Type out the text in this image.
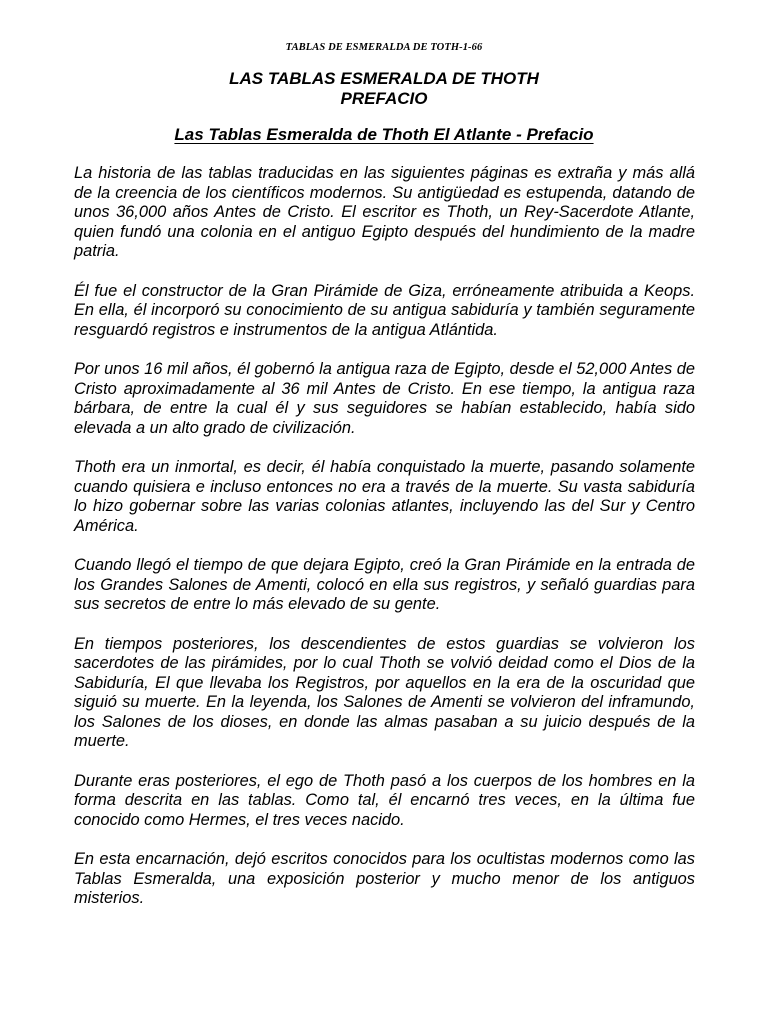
TABLAS DE ESMERALDA DE TOTH-1-66
LAS TABLAS ESMERALDA DE THOTH
PREFACIO
Las Tablas Esmeralda de Thoth El Atlante - Prefacio

La historia de las tablas traducidas en las siguientes páginas es extraña y más allá de la creencia de los científicos modernos. Su antigüedad es estupenda, datando de unos 36,000 años Antes de Cristo. El escritor es Thoth, un Rey-Sacerdote Atlante, quien fundó una colonia en el antiguo Egipto después del hundimiento de la madre patria.

Él fue el constructor de la Gran Pirámide de Giza, erróneamente atribuida a Keops. En ella, él incorporó su conocimiento de su antigua sabiduría y también seguramente resguardó registros e instrumentos de la antigua Atlántida.

Por unos 16 mil años, él gobernó la antigua raza de Egipto, desde el 52,000 Antes de Cristo aproximadamente al 36 mil Antes de Cristo. En ese tiempo, la antigua raza bárbara, de entre la cual él y sus seguidores se habían establecido, había sido elevada a un alto grado de civilización.

Thoth era un inmortal, es decir, él había conquistado la muerte, pasando solamente cuando quisiera e incluso entonces no era a través de la muerte. Su vasta sabiduría lo hizo gobernar sobre las varias colonias atlantes, incluyendo las del Sur y Centro América.

Cuando llegó el tiempo de que dejara Egipto, creó la Gran Pirámide en la entrada de los Grandes Salones de Amenti, colocó en ella sus registros, y señaló guardias para sus secretos de entre lo más elevado de su gente.

En tiempos posteriores, los descendientes de estos guardias se volvieron los sacerdotes de las pirámides, por lo cual Thoth se volvió deidad como el Dios de la Sabiduría, El que llevaba los Registros, por aquellos en la era de la oscuridad que siguió su muerte. En la leyenda, los Salones de Amenti se volvieron del inframundo, los Salones de los dioses, en donde las almas pasaban a su juicio después de la muerte.

Durante eras posteriores, el ego de Thoth pasó a los cuerpos de los hombres en la forma descrita en las tablas. Como tal, él encarnó tres veces, en la última fue conocido como Hermes, el tres veces nacido.

En esta encarnación, dejó escritos conocidos para los ocultistas modernos como las Tablas Esmeralda, una exposición posterior y mucho menor de los antiguos misterios.
